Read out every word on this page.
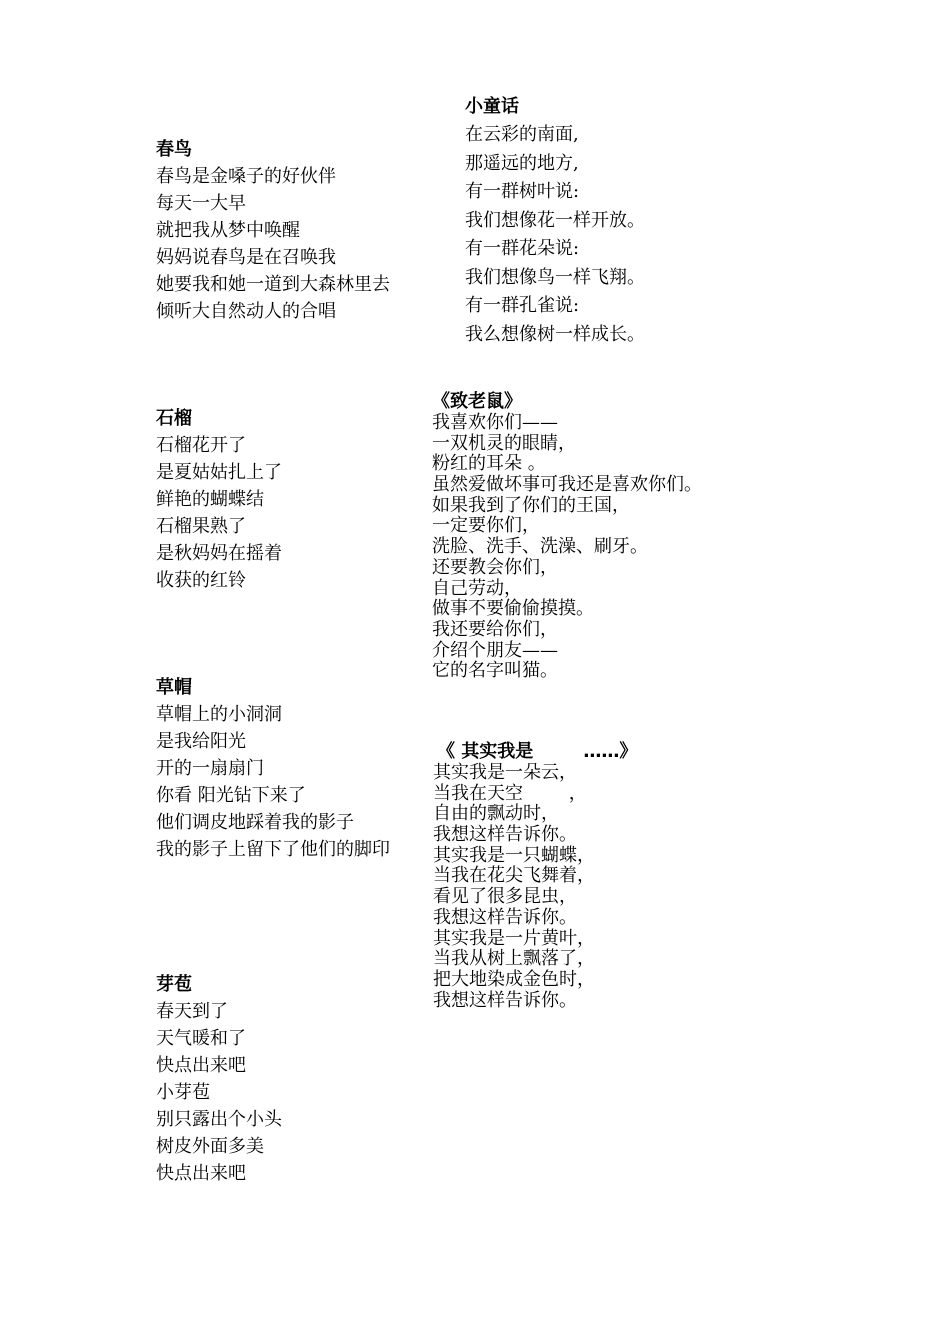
春鸟
春鸟是金嗓子的好伙伴
每天一大早
就把我从梦中唤醒
妈妈说春鸟是在召唤我
她要我和她一道到大森林里去
倾听大自然动人的合唱
小童话
在云彩的南面,
那遥远的地方,
有一群树叶说:
我们想像花一样开放。
有一群花朵说:
我们想像鸟一样飞翔。
有一群孔雀说:
我么想像树一样成长。
石榴
石榴花开了
是夏姑姑扎上了
鲜艳的蝴蝶结
石榴果熟了
是秋妈妈在摇着
收获的红铃
《致老鼠》
我喜欢你们——
一双机灵的眼睛，
粉红的耳朵 。
虽然爱做坏事可我还是喜欢你们。
如果我到了你们的王国，
一定要你们，
洗脸、洗手、洗澡、刷牙。
还要教会你们，
自己劳动，
做事不要偷偷摸摸。
我还要给你们，
介绍个朋友——
它的名字叫猫。
草帽
草帽上的小洞洞
是我给阳光
开的一扇扇门
你看 阳光钻下来了
他们调皮地踩着我的影子
我的影子上留下了他们的脚印
《 其实我是        ……》
其实我是一朵云，
当我在天空        ，
自由的飘动时，
我想这样告诉你。
其实我是一只蝴蝶，
当我在花尖飞舞着，
看见了很多昆虫，
我想这样告诉你。
其实我是一片黄叶，
当我从树上飘落了，
把大地染成金色时，
我想这样告诉你。
芽苞
春天到了
天气暖和了
快点出来吧
小芽苞
别只露出个小头
树皮外面多美
快点出来吧
